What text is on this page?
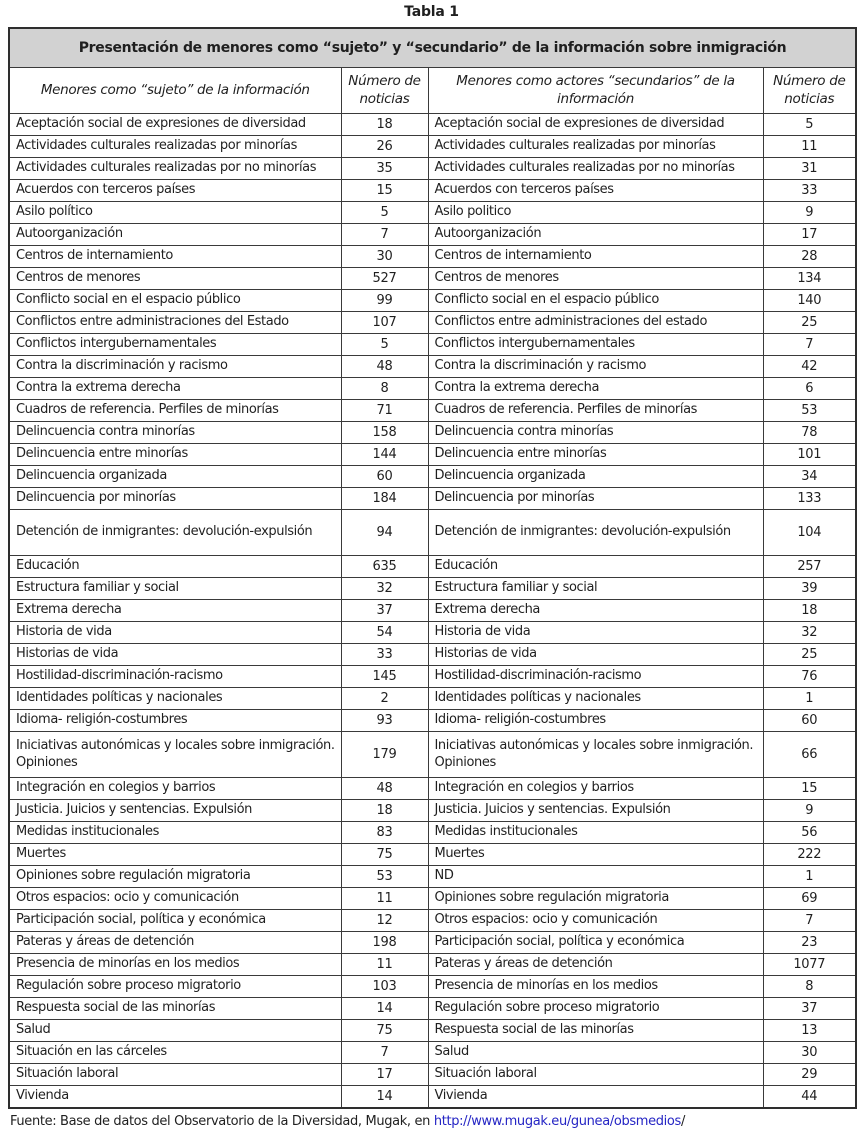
Tabla 1
Presentación de menores como “sujeto” y “secundario” de la información sobre inmigración			
Menores como “sujeto” de la información	Número de noticias	Menores como actores “secundarios” de la información	Número de noticias
Aceptación social de expresiones de diversidad	18	Aceptación social de expresiones de diversidad	5
Actividades culturales realizadas por minorías	26	Actividades culturales realizadas por minorías	11
Actividades culturales realizadas por no minorías	35	Actividades culturales realizadas por no minorías	31
Acuerdos con terceros países	15	Acuerdos con terceros países	33
Asilo político	5	Asilo politico	9
Autoorganización	7	Autoorganización	17
Centros de internamiento	30	Centros de internamiento	28
Centros de menores	527	Centros de menores	134
Conflicto social en el espacio público	99	Conflicto social en el espacio público	140
Conflictos entre administraciones del Estado	107	Conflictos entre administraciones del estado	25
Conflictos intergubernamentales	5	Conflictos intergubernamentales	7
Contra la discriminación y racismo	48	Contra la discriminación y racismo	42
Contra la extrema derecha	8	Contra la extrema derecha	6
Cuadros de referencia. Perfiles de minorías	71	Cuadros de referencia. Perfiles de minorías	53
Delincuencia contra minorías	158	Delincuencia contra minorías	78
Delincuencia entre minorías	144	Delincuencia entre minorías	101
Delincuencia organizada	60	Delincuencia organizada	34
Delincuencia por minorías	184	Delincuencia por minorías	133
Detención de inmigrantes: devolución-expulsión	94	Detención de inmigrantes: devolución-expulsión	104
Educación	635	Educación	257
Estructura familiar y social	32	Estructura familiar y social	39
Extrema derecha	37	Extrema derecha	18
Historia de vida	54	Historia de vida	32
Historias de vida	33	Historias de vida	25
Hostilidad-discriminación-racismo	145	Hostilidad-discriminación-racismo	76
Identidades políticas y nacionales	2	Identidades políticas y nacionales	1
Idioma- religión-costumbres	93	Idioma- religión-costumbres	60
Iniciativas autonómicas y locales sobre inmigración. Opiniones	179	Iniciativas autonómicas y locales sobre inmigración. Opiniones	66
Integración en colegios y barrios	48	Integración en colegios y barrios	15
Justicia. Juicios y sentencias. Expulsión	18	Justicia. Juicios y sentencias. Expulsión	9
Medidas institucionales	83	Medidas institucionales	56
Muertes	75	Muertes	222
Opiniones sobre regulación migratoria	53	ND	1
Otros espacios: ocio y comunicación	11	Opiniones sobre regulación migratoria	69
Participación social, política y económica	12	Otros espacios: ocio y comunicación	7
Pateras y áreas de detención	198	Participación social, política y económica	23
Presencia de minorías en los medios	11	Pateras y áreas de detención	1077
Regulación sobre proceso migratorio	103	Presencia de minorías en los medios	8
Respuesta social de las minorías	14	Regulación sobre proceso migratorio	37
Salud	75	Respuesta social de las minorías	13
Situación en las cárceles	7	Salud	30
Situación laboral	17	Situación laboral	29
Vivienda	14	Vivienda	44
Fuente: Base de datos del Observatorio de la Diversidad, Mugak, en http://www.mugak.eu/gunea/obsmedios/
